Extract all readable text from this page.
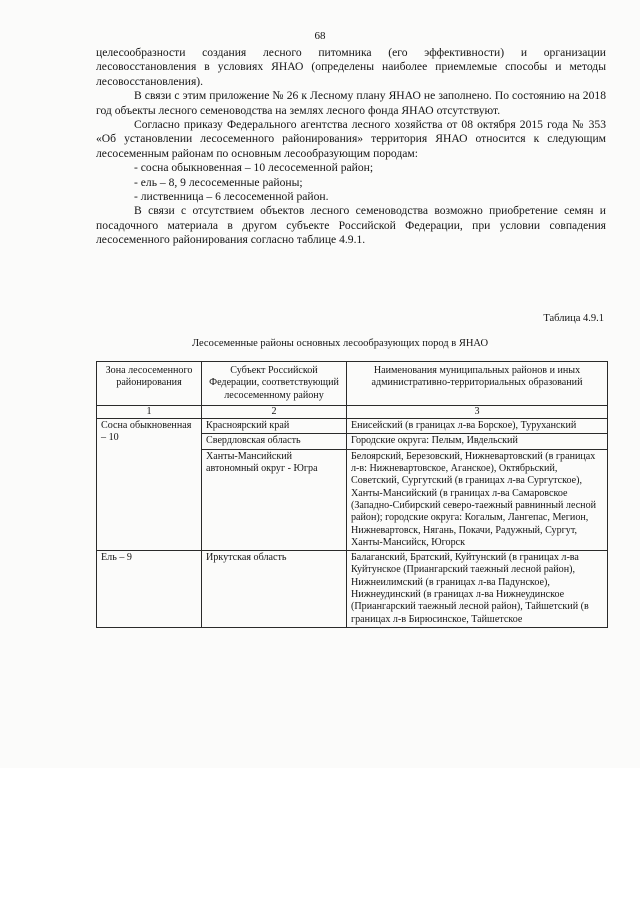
68

целесообразности создания лесного питомника (его эффективности) и организации лесовосстановления в условиях ЯНАО (определены наиболее приемлемые способы и методы лесовосстановления).

В связи с этим приложение № 26 к Лесному плану ЯНАО не заполнено. По состоянию на 2018 год объекты лесного семеноводства на землях лесного фонда ЯНАО отсутствуют.

Согласно приказу Федерального агентства лесного хозяйства от 08 октября 2015 года № 353 «Об установлении лесосеменного районирования» территория ЯНАО относится к следующим лесосеменным районам по основным лесообразующим породам:

- сосна обыкновенная – 10 лесосеменной район;

- ель – 8, 9 лесосеменные районы;

- лиственница – 6 лесосеменной район.

В связи с отсутствием объектов лесного семеноводства возможно приобретение семян и посадочного материала в другом субъекте Российской Федерации, при условии совпадения лесосеменного районирования согласно таблице 4.9.1.

Таблица 4.9.1
Лесосеменные районы основных лесообразующих пород в ЯНАО
Зона лесосеменного районирования	Субъект Российской Федерации, соответствующий лесосеменному району	Наименования муниципальных районов и иных административно-территориальных образований
1	2	3
Сосна обыкновенная – 10	Красноярский край	Енисейский (в границах л-ва Борское), Туруханский
	Свердловская область	Городские округа: Пелым, Ивдельский
	Ханты-Мансийский автономный округ - Югра	Белоярский, Березовский, Нижневартовский (в границах л-в: Нижневартовское, Аганское), Октябрьский, Советский, Сургутский (в границах л-ва Сургутское), Ханты-Мансийский (в границах л-ва Самаровское (Западно-Сибирский северо-таежный равнинный лесной район); городские округа: Когалым, Лангепас, Мегион, Нижневартовск, Нягань, Покачи, Радужный, Сургут, Ханты-Мансийск, Югорск
Ель – 9	Иркутская область	Балаганский, Братский, Куйтунский (в границах л-ва Куйтунское (Приангарский таежный лесной район), Нижнеилимский (в границах л-ва Падунское), Нижнеудинский (в границах л-ва Нижнеудинское (Приангарский таежный лесной район), Тайшетский (в границах л-в Бирюсинское, Тайшетское
